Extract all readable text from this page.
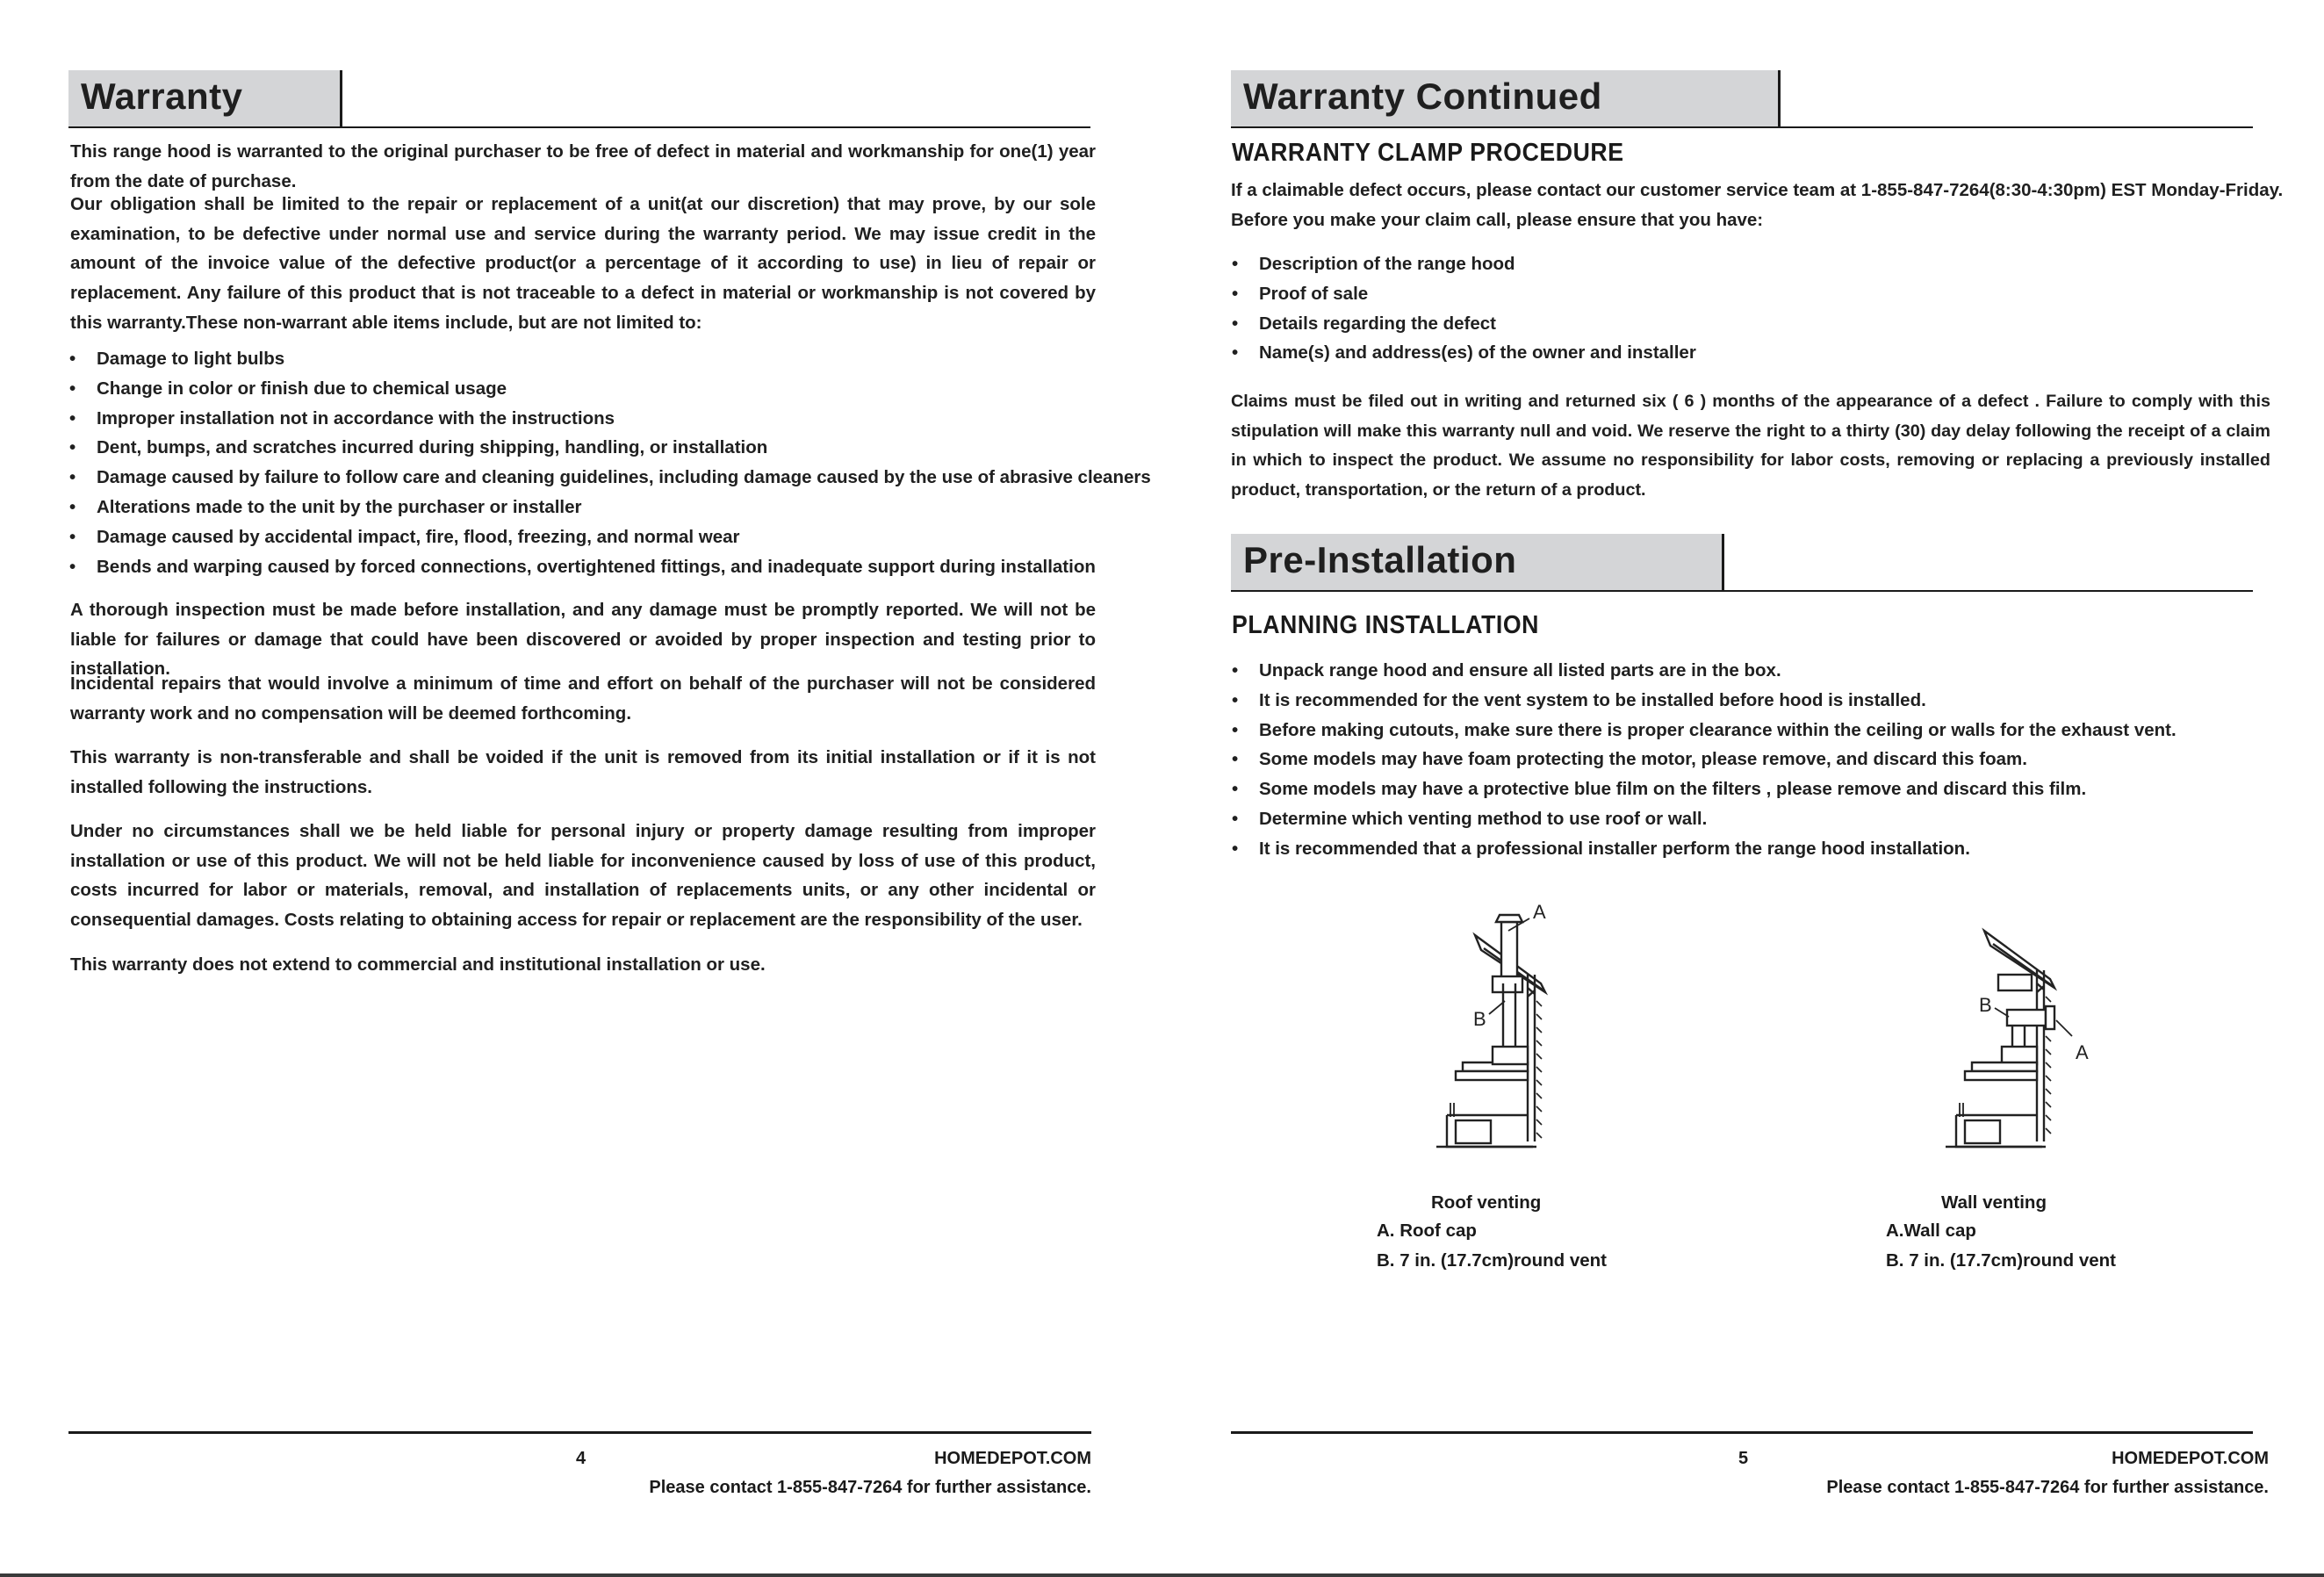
Warranty

This range hood is warranted to the original purchaser to be free of defect in material and workmanship for one(1) year from the date of purchase.

Our obligation shall be limited to the repair or replacement of a unit(at our discretion) that may prove, by our sole examination, to be defective under normal use and service during the warranty period. We may issue credit in the amount of the invoice value of the defective product(or a percentage of it according to use) in lieu of repair or replacement. Any failure of this product that is not traceable to a defect in material or workmanship is not covered by this warranty.These non-warrant able items include, but are not limited to:

• Damage to light bulbs
• Change in color or finish due to chemical usage
• Improper installation not in accordance with the instructions
• Dent, bumps, and scratches incurred during shipping, handling, or installation
• Damage caused by failure to follow care and cleaning guidelines, including damage caused by the use of abrasive cleaners
• Alterations made to the unit by the purchaser or installer
• Damage caused by accidental impact, fire, flood, freezing, and normal wear
• Bends and warping caused by forced connections, overtightened fittings, and inadequate support during installation

A thorough inspection must be made before installation, and any damage must be promptly reported. We will not be liable for failures or damage that could have been discovered or avoided by proper inspection and testing prior to installation.

Incidental repairs that would involve a minimum of time and effort on behalf of the purchaser will not be considered warranty work and no compensation will be deemed forthcoming.

This warranty is non-transferable and shall be voided if the unit is removed from its initial installation or if it is not installed following the instructions.

Under no circumstances shall we be held liable for personal injury or property damage resulting from improper installation or use of this product. We will not be held liable for inconvenience caused by loss of use of this product, costs incurred for labor or materials, removal, and installation of replacements units, or any other incidental or consequential damages. Costs relating to obtaining access for repair or replacement are the responsibility of the user.

This warranty does not extend to commercial and institutional installation or use.

4	HOMEDEPOT.COM
Please contact 1-855-847-7264 for further assistance.
Warranty Continued
WARRANTY CLAMP PROCEDURE

If a claimable defect occurs, please contact our customer service team at 1-855-847-7264(8:30-4:30pm) EST Monday-Friday.

Before you make your claim call, please ensure that you have:

• Description of the range hood
• Proof of sale
• Details regarding the defect
• Name(s) and address(es) of the owner and installer

Claims must be filed out in writing and returned six ( 6 ) months of the appearance of a defect . Failure to comply with this stipulation will make this warranty null and void. We reserve the right to a thirty (30) day delay following the receipt of a claim in which to inspect the product. We assume no responsibility for labor costs, removing or replacing a previously installed product, transportation, or the return of a product.

Pre-Installation
PLANNING INSTALLATION
• Unpack range hood and ensure all listed parts are in the box.
• It is recommended for the vent system to be installed before hood is installed.
• Before making cutouts, make sure there is proper clearance within the ceiling or walls for the exhaust vent.
• Some models may have foam protecting the motor, please remove, and discard this foam.
• Some models may have a protective blue film on the filters , please remove and discard this film.
• Determine which venting method to use roof or wall.
• It is recommended that a professional installer perform the range hood installation.
A
B
B
A
Roof venting
A. Roof cap
B. 7 in. (17.7cm)round vent
Wall venting
A.Wall cap
B. 7 in. (17.7cm)round vent
5	HOMEDEPOT.COM
Please contact 1-855-847-7264 for further assistance.
